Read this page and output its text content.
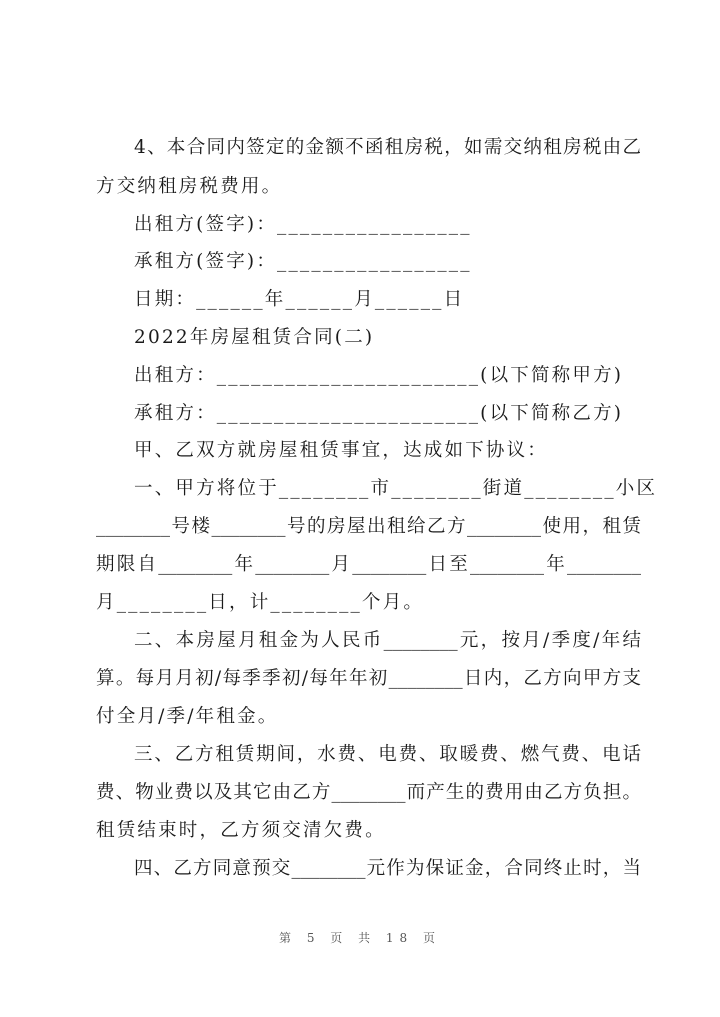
4、本合同内签定的金额不函租房税，如需交纳租房税由乙
方交纳租房税费用。
出租方(签字)：_________________
承租方(签字)：_________________
日期：______年______月______日
2022年房屋租赁合同(二)
出租方：_______________________(以下简称甲方)
承租方：_______________________(以下简称乙方)
甲、乙双方就房屋租赁事宜，达成如下协议：
一、甲方将位于________市________街道________小区
________号楼________号的房屋出租给乙方________使用，租赁
期限自________年________月________日至________年________
月________日，计________个月。
二、本房屋月租金为人民币________元，按月/季度/年结
算。每月月初/每季季初/每年年初________日内，乙方向甲方支
付全月/季/年租金。
三、乙方租赁期间，水费、电费、取暖费、燃气费、电话
费、物业费以及其它由乙方________而产生的费用由乙方负担。
租赁结束时，乙方须交清欠费。
四、乙方同意预交________元作为保证金，合同终止时，当
第 5 页 共 18 页
